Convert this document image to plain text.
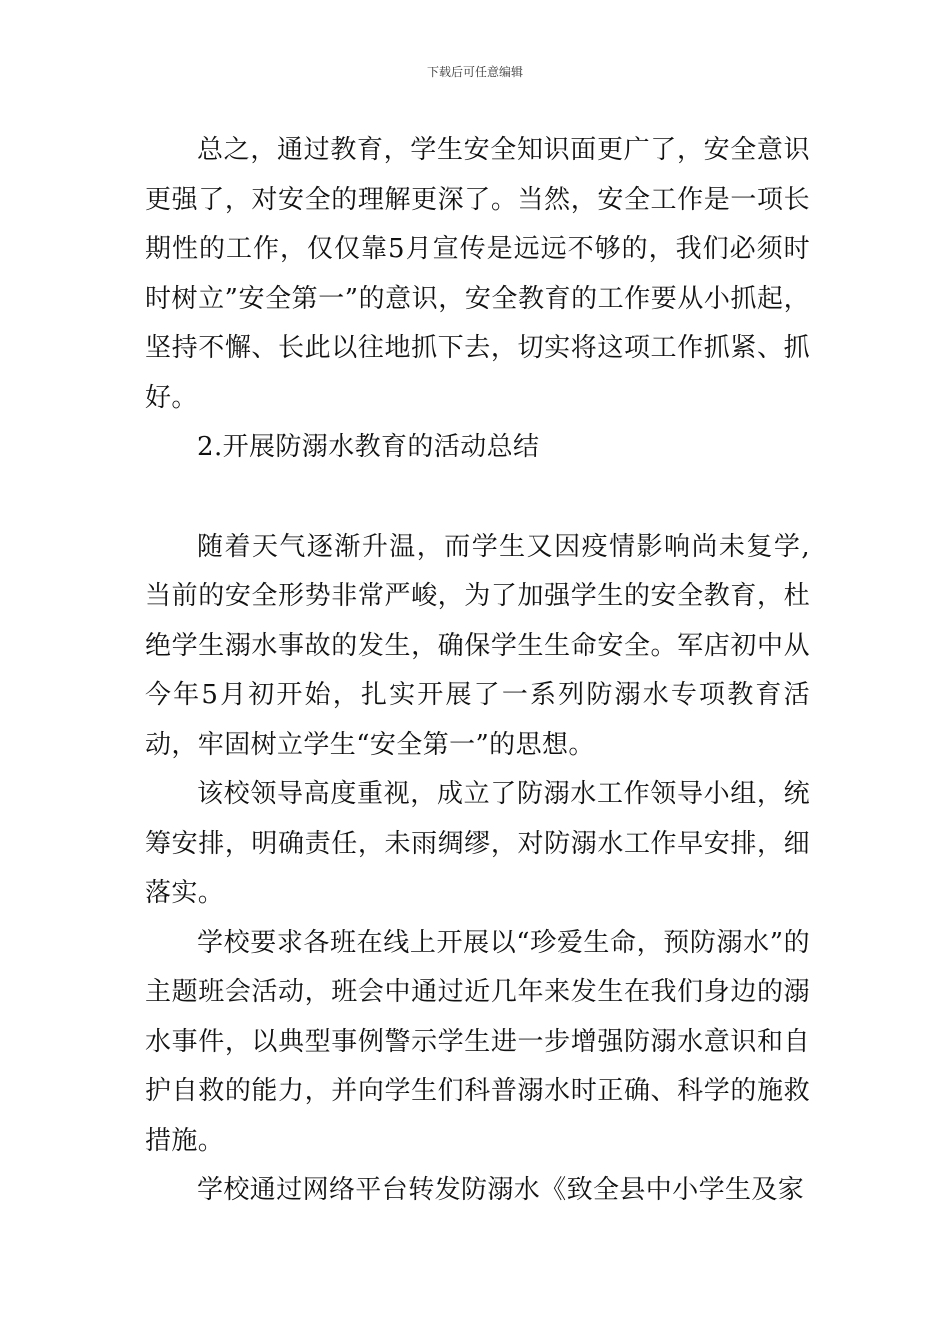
下载后可任意编辑

总之，通过教育，学生安全知识面更广了，安全意识更强了，对安全的理解更深了。当然，安全工作是一项长期性的工作，仅仅靠5月宣传是远远不够的，我们必须时时树立”安全第一”的意识，安全教育的工作要从小抓起，坚持不懈、长此以往地抓下去，切实将这项工作抓紧、抓好。

2.开展防溺水教育的活动总结

随着天气逐渐升温，而学生又因疫情影响尚未复学,当前的安全形势非常严峻，为了加强学生的安全教育，杜绝学生溺水事故的发生，确保学生生命安全。军店初中从今年5月初开始，扎实开展了一系列防溺水专项教育活动，牢固树立学生“安全第一”的思想。

该校领导高度重视，成立了防溺水工作领导小组，统筹安排，明确责任，未雨绸缪，对防溺水工作早安排，细落实。

学校要求各班在线上开展以“珍爱生命，预防溺水”的主题班会活动，班会中通过近几年来发生在我们身边的溺水事件，以典型事例警示学生进一步增强防溺水意识和自护自救的能力，并向学生们科普溺水时正确、科学的施救措施。

学校通过网络平台转发防溺水《致全县中小学生及家
